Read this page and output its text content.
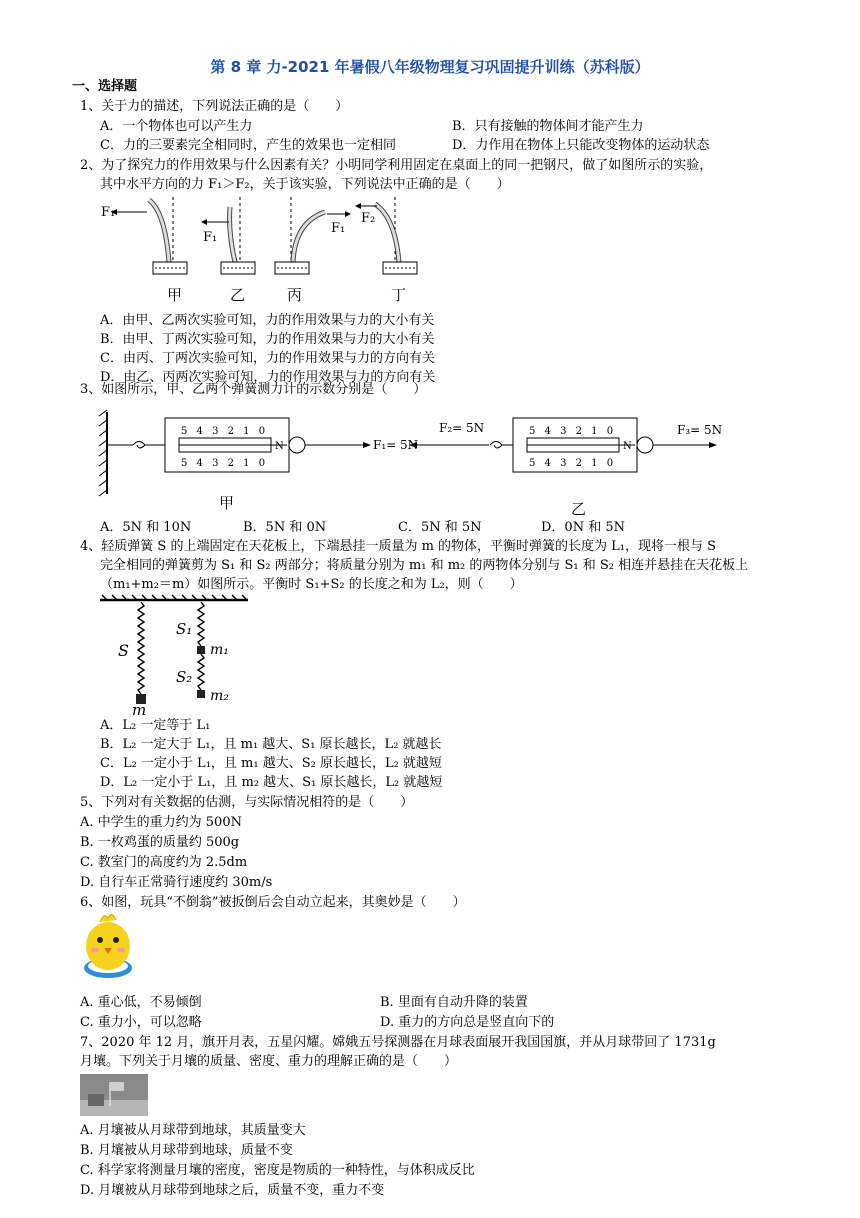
第 8 章 力-2021 年暑假八年级物理复习巩固提升训练（苏科版）
一、选择题
1、关于力的描述，下列说法正确的是（　　）
A．一个物体也可以产生力	B．只有接触的物体间才能产生力
C．力的三要素完全相同时，产生的效果也一定相同	D．力作用在物体上只能改变物体的运动状态
2、为了探究力的作用效果与什么因素有关？小明同学利用固定在桌面上的同一把钢尺，做了如图所示的实验，
其中水平方向的力 F₁＞F₂，关于该实验，下列说法中正确的是（　　）
F₁
F₁
F₁
F₂
甲	乙	丙	丁
A．由甲、乙两次实验可知，力的作用效果与力的大小有关
B．由甲、丁两次实验可知，力的作用效果与力的大小有关
C．由丙、丁两次实验可知，力的作用效果与力的方向有关
D．由乙、丙两次实验可知，力的作用效果与力的方向有关
3、如图所示，甲、乙两个弹簧测力计的示数分别是（　　）
5 4 3 2 1 0
5 4 3 2 1 0
N
5 4 3 2 1 0
5 4 3 2 1 0
N
F₁= 5N
F₂= 5N	F₃= 5N
甲	乙
A．5N 和 10N	B．5N 和 0N	C．5N 和 5N	D．0N 和 5N
4、轻质弹簧 S 的上端固定在天花板上，下端悬挂一质量为 m 的物体，平衡时弹簧的长度为 L₁，现将一根与 S
完全相同的弹簧剪为 S₁ 和 S₂ 两部分；将质量分别为 m₁ 和 m₂ 的两物体分别与 S₁ 和 S₂ 相连并悬挂在天花板上
（m₁+m₂＝m）如图所示。平衡时 S₁+S₂ 的长度之和为 L₂，则（　　）
S
S₁
S₂
m
m₁
m₂
A．L₂ 一定等于 L₁
B．L₂ 一定大于 L₁，且 m₁ 越大、S₁ 原长越长，L₂ 就越长
C．L₂ 一定小于 L₁，且 m₁ 越大、S₂ 原长越长，L₂ 就越短
D．L₂ 一定小于 L₁，且 m₂ 越大、S₁ 原长越长，L₂ 就越短
5、下列对有关数据的估测，与实际情况相符的是（　　）
A. 中学生的重力约为 500N
B. 一枚鸡蛋的质量约 500g
C. 教室门的高度约为 2.5dm
D. 自行车正常骑行速度约 30m/s
6、如图，玩具“不倒翁”被扳倒后会自动立起来，其奥妙是（　　）
A. 重心低，不易倾倒	B. 里面有自动升降的装置
C. 重力小，可以忽略	D. 重力的方向总是竖直向下的
7、2020 年 12 月，旗开月表，五星闪耀。嫦娥五号探测器在月球表面展开我国国旗，并从月球带回了 1731g
月壤。下列关于月壤的质量、密度、重力的理解正确的是（　　）
A. 月壤被从月球带到地球，其质量变大
B. 月壤被从月球带到地球，质量不变
C. 科学家将测量月壤的密度，密度是物质的一种特性，与体积成反比
D. 月壤被从月球带到地球之后，质量不变，重力不变
